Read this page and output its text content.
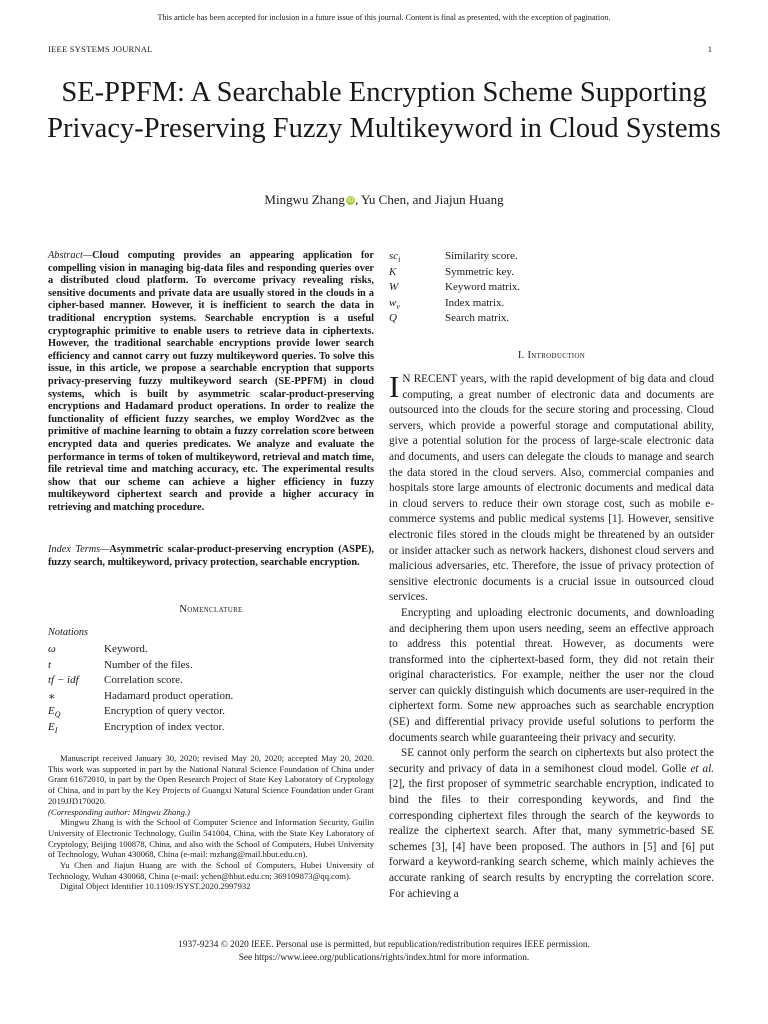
This article has been accepted for inclusion in a future issue of this journal. Content is final as presented, with the exception of pagination.
IEEE SYSTEMS JOURNAL	1
SE-PPFM: A Searchable Encryption Scheme Supporting Privacy-Preserving Fuzzy Multikeyword in Cloud Systems
Mingwu Zhang iD, Yu Chen, and Jiajun Huang
Abstract—Cloud computing provides an appearing application for compelling vision in managing big-data files and responding queries over a distributed cloud platform. To overcome privacy revealing risks, sensitive documents and private data are usually stored in the clouds in a cipher-based manner. However, it is inefficient to search the data in traditional encryption systems. Searchable encryption is a useful cryptographic primitive to enable users to retrieve data in ciphertexts. However, the traditional searchable encryptions provide lower search efficiency and cannot carry out fuzzy multikeyword queries. To solve this issue, in this article, we propose a searchable encryption that supports privacy-preserving fuzzy multikeyword search (SE-PPFM) in cloud systems, which is built by asymmetric scalar-product-preserving encryptions and Hadamard product operations. In order to realize the functionality of efficient fuzzy searches, we employ Word2vec as the primitive of machine learning to obtain a fuzzy correlation score between encrypted data and queries predicates. We analyze and evaluate the performance in terms of token of multikeyword, retrieval and match time, file retrieval time and matching accuracy, etc. The experimental results show that our scheme can achieve a higher efficiency in fuzzy multikeyword ciphertext search and provide a higher accuracy in retrieving and matching procedure.
Index Terms—Asymmetric scalar-product-preserving encryption (ASPE), fuzzy search, multikeyword, privacy protection, searchable encryption.
Nomenclature
Notations
ω	Keyword.
t	Number of the files.
tf − idf	Correlation score.
∗	Hadamard product operation.
$E_Q$	Encryption of query vector.
$E_I$	Encryption of index vector.

Manuscript received January 30, 2020; revised May 20, 2020; accepted May 20, 2020. This work was supported in part by the National Natural Science Foundation of China under Grant 61672010, in part by the Open Research Project of State Key Laboratory of Cryptology of China, and in part by the Key Projects of Guangxi Natural Science Foundation under Grant 2019JJD170020.

(Corresponding author: Mingwu Zhang.)

Mingwu Zhang is with the School of Computer Science and Information Security, Guilin University of Electronic Technology, Guilin 541004, China, with the State Key Laboratory of Cryptology, Beijing 100878, China, and also with the School of Computers, Hubei University of Technology, Wuhan 430068, China (e-mail: mzhang@mail.hbut.edu.cn).

Yu Chen and Jiajun Huang are with the School of Computers, Hubei University of Technology, Wuhan 430068, China (e-mail: ychen@hbut.edu.cn; 369109873@qq.com).

Digital Object Identifier 10.1109/JSYST.2020.2997932

$sc_i$	Similarity score.
K	Symmetric key.
W	Keyword matrix.
$w_v$	Index matrix.
Q	Search matrix.
I. Introduction

I N RECENT years, with the rapid development of big data and cloud computing, a great number of electronic data and documents are outsourced into the clouds for the secure storing and processing. Cloud servers, which provide a powerful storage and computational ability, give a potential solution for the process of large-scale electronic data and documents, and users can delegate the clouds to manage and search the data stored in the cloud servers. Also, commercial companies and hospitals store large amounts of electronic documents and medical data in cloud servers to reduce their own storage cost, such as mobile e-commerce systems and public medical systems [1]. However, sensitive electronic files stored in the clouds might be threatened by an outsider or insider attacker such as network hackers, dishonest cloud servers and malicious adversaries, etc. Therefore, the issue of privacy protection of sensitive electronic documents is a crucial issue in outsourced cloud services.

Encrypting and uploading electronic documents, and downloading and deciphering them upon users needing, seem an effective approach to address this potential threat. However, as documents were transformed into the ciphertext-based form, they did not retain their original characteristics. For example, neither the user nor the cloud server can quickly distinguish which documents are user-required in the ciphertext form. Some new approaches such as searchable encryption (SE) and differential privacy provide useful solutions to perform the documents search while guaranteeing their privacy and security.

SE cannot only perform the search on ciphertexts but also protect the security and privacy of data in a semihonest cloud model. Golle et al. [2], the first proposer of symmetric searchable encryption, indicated to bind the files to their corresponding keywords, and find the corresponding ciphertext files through the search of the keywords to realize the ciphertext search. After that, many symmetric-based SE schemes [3], [4] have been proposed. The authors in [5] and [6] put forward a keyword-ranking search scheme, which mainly achieves the accurate ranking of search results by encrypting the correlation score. For achieving a

1937-9234 © 2020 IEEE. Personal use is permitted, but republication/redistribution requires IEEE permission.
See https://www.ieee.org/publications/rights/index.html for more information.
